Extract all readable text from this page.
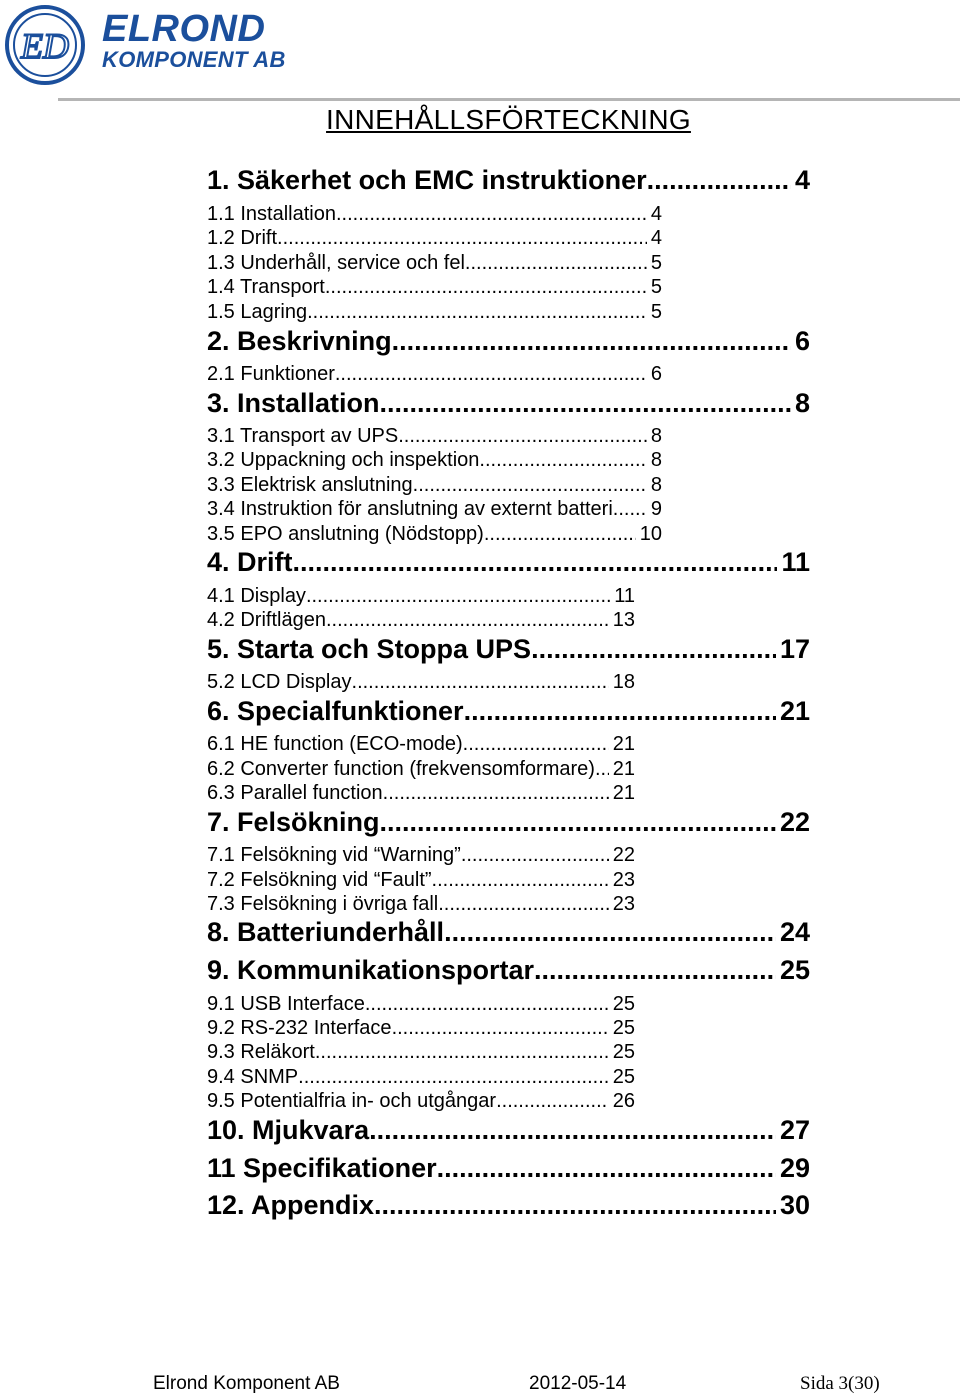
ED ELROND
KOMPONENT AB
INNEHÅLLSFÖRTECKNING
1. Säkerhet och EMC instruktioner .....	4
1.1 Installation .....	4
1.2 Drift .....	4
1.3 Underhåll, service och fel .....	5
1.4 Transport .....	5
1.5 Lagring .....	5
2. Beskrivning .....	6
2.1 Funktioner .....	6
3. Installation .....	8
3.1 Transport av UPS .....	8
3.2 Uppackning och inspektion .....	8
3.3 Elektrisk anslutning .....	8
3.4 Instruktion för anslutning av externt batteri ..... 9
3.5 EPO anslutning (Nödstopp) .....	10
4. Drift .....	11
4.1 Display .....	11
4.2 Driftlägen .....	13
5. Starta och Stoppa UPS .....	17
5.2 LCD Display .....	18
6. Specialfunktioner .....	21
6.1 HE function (ECO-mode) .....	21
6.2 Converter function (frekvensomformare) ..... 21
6.3 Parallel function .....	21
7. Felsökning .....	22
7.1 Felsökning vid “Warning” .....	22
7.2 Felsökning vid “Fault” .....	23
7.3 Felsökning i övriga fall .....	23
8. Batteriunderhåll .....	24
9. Kommunikationsportar .....	25
9.1 USB Interface .....	25
9.2 RS-232 Interface .....	25
9.3 Reläkort .....	25
9.4 SNMP .....	25
9.5 Potentialfria in- och utgångar .....	26
10. Mjukvara .....	27
11 Specifikationer .....	29
12. Appendix .....	30
Elrond Komponent AB	2012-05-14	Sida 3(30)
